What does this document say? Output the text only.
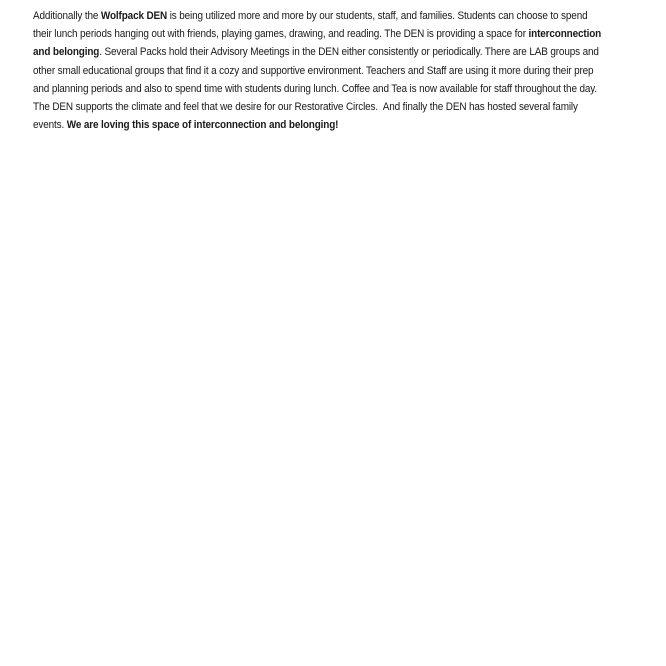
Additionally the Wolfpack DEN is being utilized more and more by our students, staff, and families. Students can choose to spend
their lunch periods hanging out with friends, playing games, drawing, and reading. The DEN is providing a space for interconnection
and belonging. Several Packs hold their Advisory Meetings in the DEN either consistently or periodically. There are LAB groups and
other small educational groups that find it a cozy and supportive environment. Teachers and Staff are using it more during their prep
and planning periods and also to spend time with students during lunch. Coffee and Tea is now available for staff throughout the day.
The DEN supports the climate and feel that we desire for our Restorative Circles.  And finally the DEN has hosted several family
events. We are loving this space of interconnection and belonging!
